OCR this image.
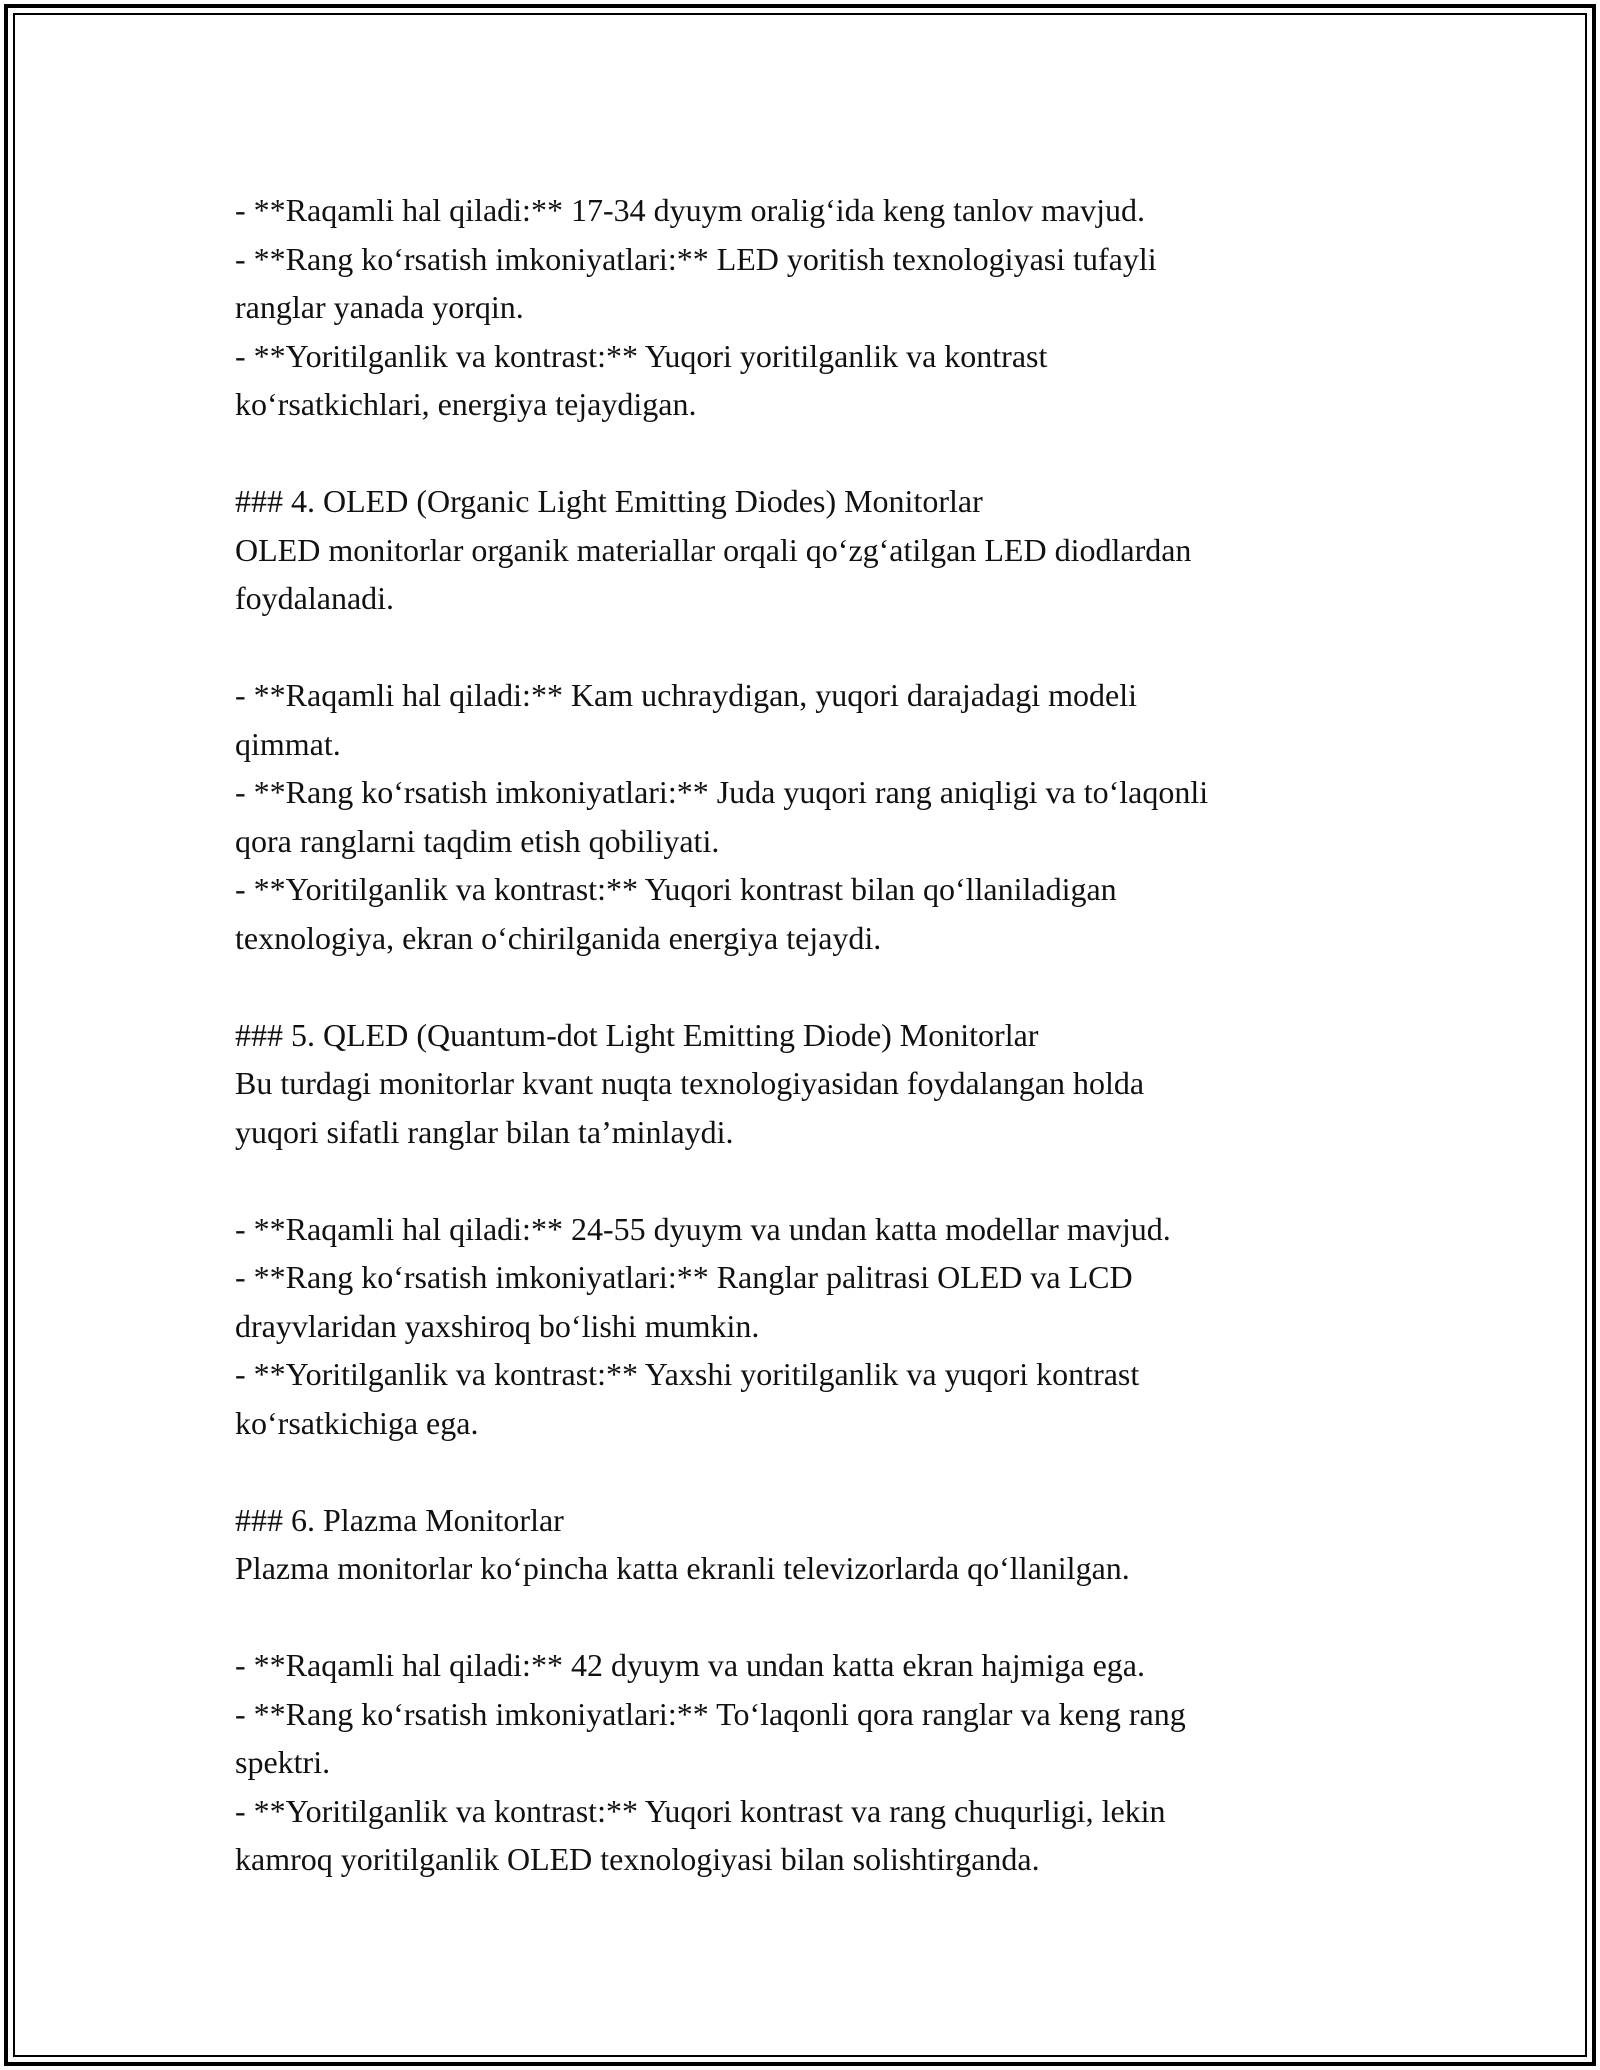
- **Raqamli hal qiladi:** 17-34 dyuym oralig‘ida keng tanlov mavjud.
- **Rang ko‘rsatish imkoniyatlari:** LED yoritish texnologiyasi tufayli
ranglar yanada yorqin.
- **Yoritilganlik va kontrast:** Yuqori yoritilganlik va kontrast
ko‘rsatkichlari, energiya tejaydigan.
### 4. OLED (Organic Light Emitting Diodes) Monitorlar
OLED monitorlar organik materiallar orqali qo‘zg‘atilgan LED diodlardan
foydalanadi.
- **Raqamli hal qiladi:** Kam uchraydigan, yuqori darajadagi modeli
qimmat.
- **Rang ko‘rsatish imkoniyatlari:** Juda yuqori rang aniqligi va to‘laqonli
qora ranglarni taqdim etish qobiliyati.
- **Yoritilganlik va kontrast:** Yuqori kontrast bilan qo‘llaniladigan
texnologiya, ekran o‘chirilganida energiya tejaydi.
### 5. QLED (Quantum-dot Light Emitting Diode) Monitorlar
Bu turdagi monitorlar kvant nuqta texnologiyasidan foydalangan holda
yuqori sifatli ranglar bilan ta’minlaydi.
- **Raqamli hal qiladi:** 24-55 dyuym va undan katta modellar mavjud.
- **Rang ko‘rsatish imkoniyatlari:** Ranglar palitrasi OLED va LCD
drayvlaridan yaxshiroq bo‘lishi mumkin.
- **Yoritilganlik va kontrast:** Yaxshi yoritilganlik va yuqori kontrast
ko‘rsatkichiga ega.
### 6. Plazma Monitorlar
Plazma monitorlar ko‘pincha katta ekranli televizorlarda qo‘llanilgan.
- **Raqamli hal qiladi:** 42 dyuym va undan katta ekran hajmiga ega.
- **Rang ko‘rsatish imkoniyatlari:** To‘laqonli qora ranglar va keng rang
spektri.
- **Yoritilganlik va kontrast:** Yuqori kontrast va rang chuqurligi, lekin
kamroq yoritilganlik OLED texnologiyasi bilan solishtirganda.
